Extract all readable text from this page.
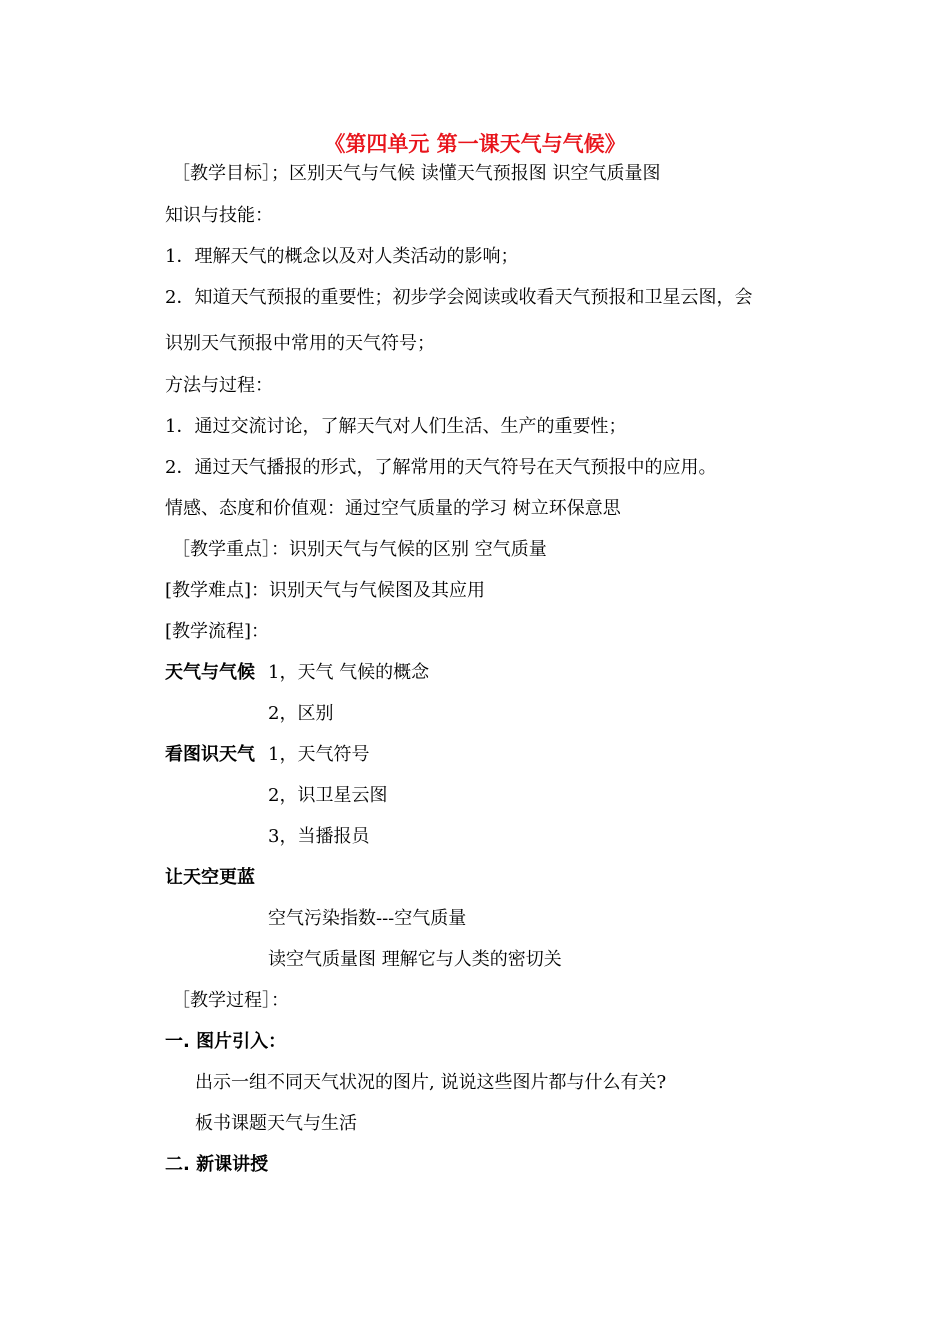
《第四单元 第一课天气与气候》
［教学目标］；区别天气与气候 读懂天气预报图 识空气质量图
知识与技能：
1．理解天气的概念以及对人类活动的影响；
2．知道天气预报的重要性；初步学会阅读或收看天气预报和卫星云图，会
识别天气预报中常用的天气符号；
方法与过程：
1．通过交流讨论，了解天气对人们生活、生产的重要性；
2．通过天气播报的形式，了解常用的天气符号在天气预报中的应用。
情感、态度和价值观：通过空气质量的学习 树立环保意思
［教学重点］：识别天气与气候的区别 空气质量
[教学难点]：识别天气与气候图及其应用
[教学流程]：
天气与气候 1，天气 气候的概念
2，区别
看图识天气 1，天气符号
2，识卫星云图
3，当播报员
让天空更蓝
空气污染指数---空气质量
读空气质量图 理解它与人类的密切关
［教学过程］：
一. 图片引入：
出示一组不同天气状况的图片, 说说这些图片都与什么有关?
板书课题天气与生活
二. 新课讲授
